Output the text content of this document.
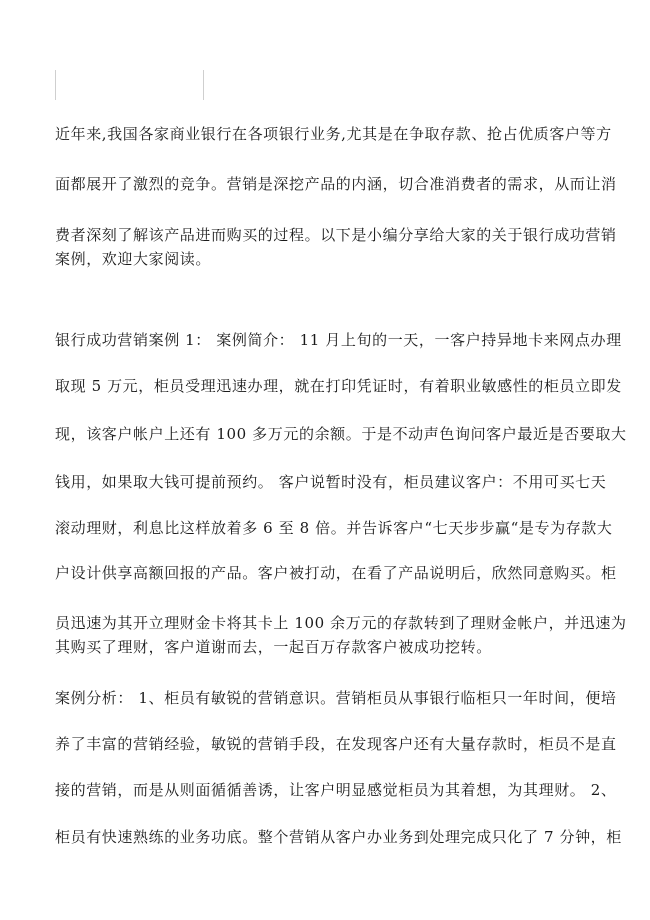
近年来,我国各家商业银行在各项银行业务,尤其是在争取存款、抢占优质客户等方
面都展开了激烈的竞争。营销是深挖产品的内涵，切合准消费者的需求，从而让消
费者深刻了解该产品进而购买的过程。以下是小编分享给大家的关于银行成功营销
案例，欢迎大家阅读。
银行成功营销案例 1： 案例简介： 11 月上旬的一天，一客户持异地卡来网点办理
取现 5 万元，柜员受理迅速办理，就在打印凭证时，有着职业敏感性的柜员立即发
现，该客户帐户上还有 100 多万元的余额。于是不动声色询问客户最近是否要取大
钱用，如果取大钱可提前预约。 客户说暂时没有，柜员建议客户：不用可买七天
滚动理财，利息比这样放着多 6 至 8 倍。并告诉客户“七天步步赢“是专为存款大
户设计供享高额回报的产品。客户被打动，在看了产品说明后，欣然同意购买。柜
员迅速为其开立理财金卡将其卡上 100 余万元的存款转到了理财金帐户，并迅速为
其购买了理财，客户道谢而去，一起百万存款客户被成功挖转。
案例分析： 1、柜员有敏锐的营销意识。营销柜员从事银行临柜只一年时间，便培
养了丰富的营销经验，敏锐的营销手段，在发现客户还有大量存款时，柜员不是直
接的营销，而是从则面循循善诱，让客户明显感觉柜员为其着想，为其理财。 2、
柜员有快速熟练的业务功底。整个营销从客户办业务到处理完成只化了 7 分钟，柜
